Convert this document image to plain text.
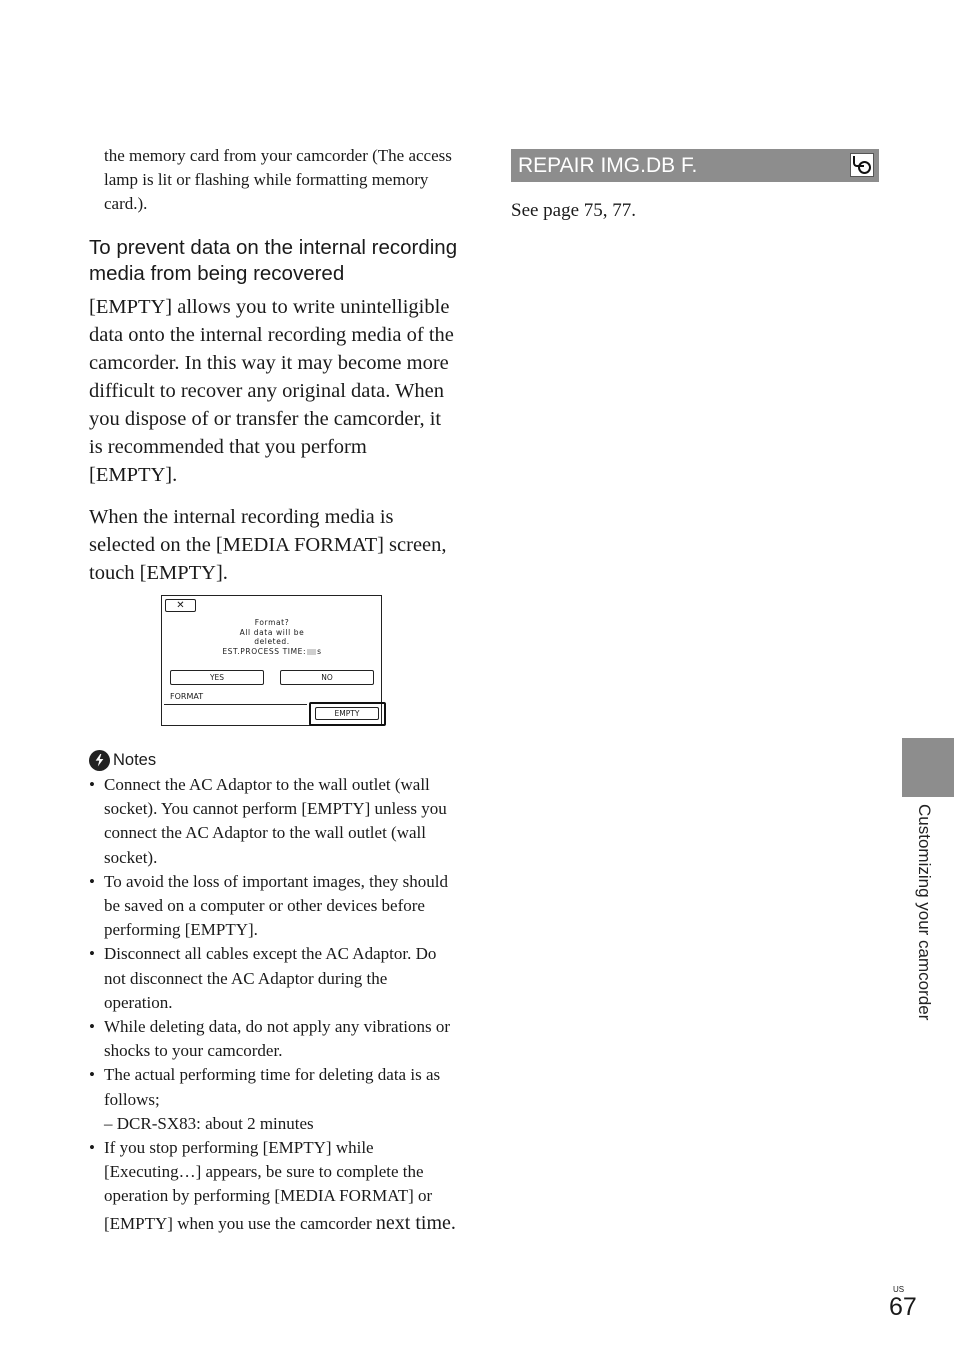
the memory card from your camcorder (The access lamp is lit or flashing while formatting memory card.).
To prevent data on the internal recording media from being recovered
[EMPTY] allows you to write unintelligible data onto the internal recording media of the camcorder. In this way it may become more difficult to recover any original data. When you dispose of or transfer the camcorder, it is recommended that you perform [EMPTY].
When the internal recording media is selected on the [MEDIA FORMAT] screen, touch [EMPTY].
✕
Format?
All data will be
deleted.
EST.PROCESS TIME: s
YES	NO
FORMAT
EMPTY
Notes
• Connect the AC Adaptor to the wall outlet (wall socket). You cannot perform [EMPTY] unless you connect the AC Adaptor to the wall outlet (wall socket).
• To avoid the loss of important images, they should be saved on a computer or other devices before performing [EMPTY].
• Disconnect all cables except the AC Adaptor. Do not disconnect the AC Adaptor during the operation.
• While deleting data, do not apply any vibrations or shocks to your camcorder.
• The actual performing time for deleting data is as follows;
– DCR-SX83: about 2 minutes
• If you stop performing [EMPTY] while [Executing…] appears, be sure to complete the operation by performing [MEDIA FORMAT] or [EMPTY] when you use the camcorder next time.
REPAIR IMG.DB F.
See page 75, 77.
Customizing your camcorder
US
67
